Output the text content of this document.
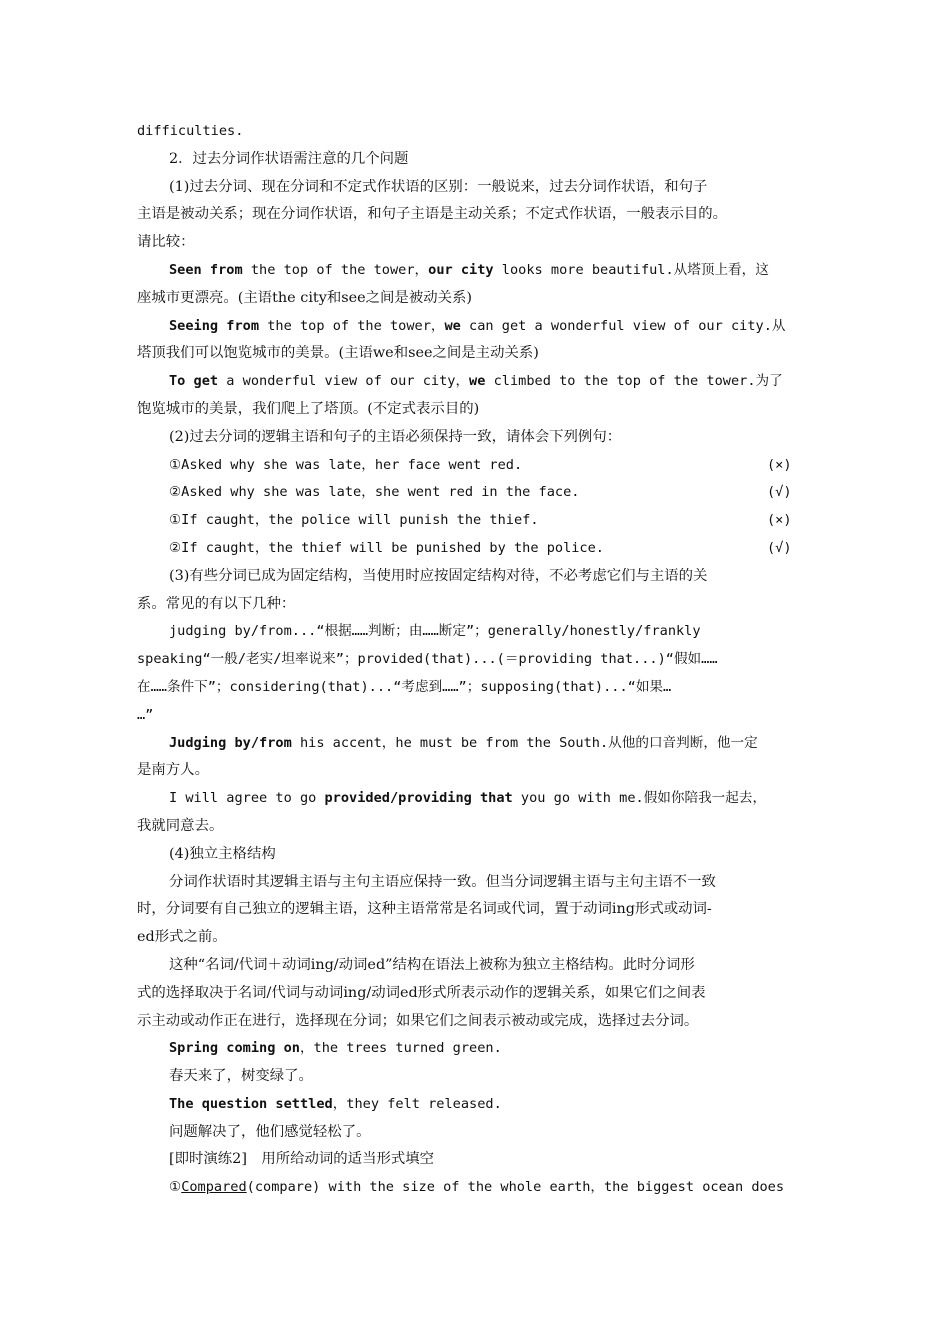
difficulties.
2．过去分词作状语需注意的几个问题
(1)过去分词、现在分词和不定式作状语的区别：一般说来，过去分词作状语，和句子
主语是被动关系；现在分词作状语，和句子主语是主动关系；不定式作状语，一般表示目的。
请比较：
Seen from the top of the tower，our city looks more beautiful.从塔顶上看，这
座城市更漂亮。(主语the city和see之间是被动关系)
Seeing from the top of the tower，we can get a wonderful view of our city.从
塔顶我们可以饱览城市的美景。(主语we和see之间是主动关系)
To get a wonderful view of our city，we climbed to the top of the tower.为了
饱览城市的美景，我们爬上了塔顶。(不定式表示目的)
(2)过去分词的逻辑主语和句子的主语必须保持一致，请体会下列例句：
①Asked why she was late，her face went red.	(×)
②Asked why she was late，she went red in the face.	(√)
①If caught，the police will punish the thief.	(×)
②If caught，the thief will be punished by the police.	(√)
(3)有些分词已成为固定结构，当使用时应按固定结构对待，不必考虑它们与主语的关
系。常见的有以下几种：
judging by/from...“根据……判断；由……断定”；generally/honestly/frankly
speaking“一般/老实/坦率说来”；provided(that)...(＝providing that...)“假如……
在……条件下”；considering(that)...“考虑到……”；supposing(that)...“如果…
…”
Judging by/from his accent，he must be from the South.从他的口音判断，他一定
是南方人。
I will agree to go provided/providing that you go with me.假如你陪我一起去，
我就同意去。
(4)独立主格结构
分词作状语时其逻辑主语与主句主语应保持一致。但当分词逻辑主语与主句主语不一致
时，分词要有自己独立的逻辑主语，这种主语常常是名词或代词，置于动词ing形式或动词-
ed形式之前。
这种“名词/代词＋动词ing/动词ed”结构在语法上被称为独立主格结构。此时分词形
式的选择取决于名词/代词与动词ing/动词ed形式所表示动作的逻辑关系，如果它们之间表
示主动或动作正在进行，选择现在分词；如果它们之间表示被动或完成，选择过去分词。
Spring coming on，the trees turned green.
春天来了，树变绿了。
The question settled，they felt released.
问题解决了，他们感觉轻松了。
[即时演练2]　用所给动词的适当形式填空
①Compared(compare) with the size of the whole earth，the biggest ocean does
